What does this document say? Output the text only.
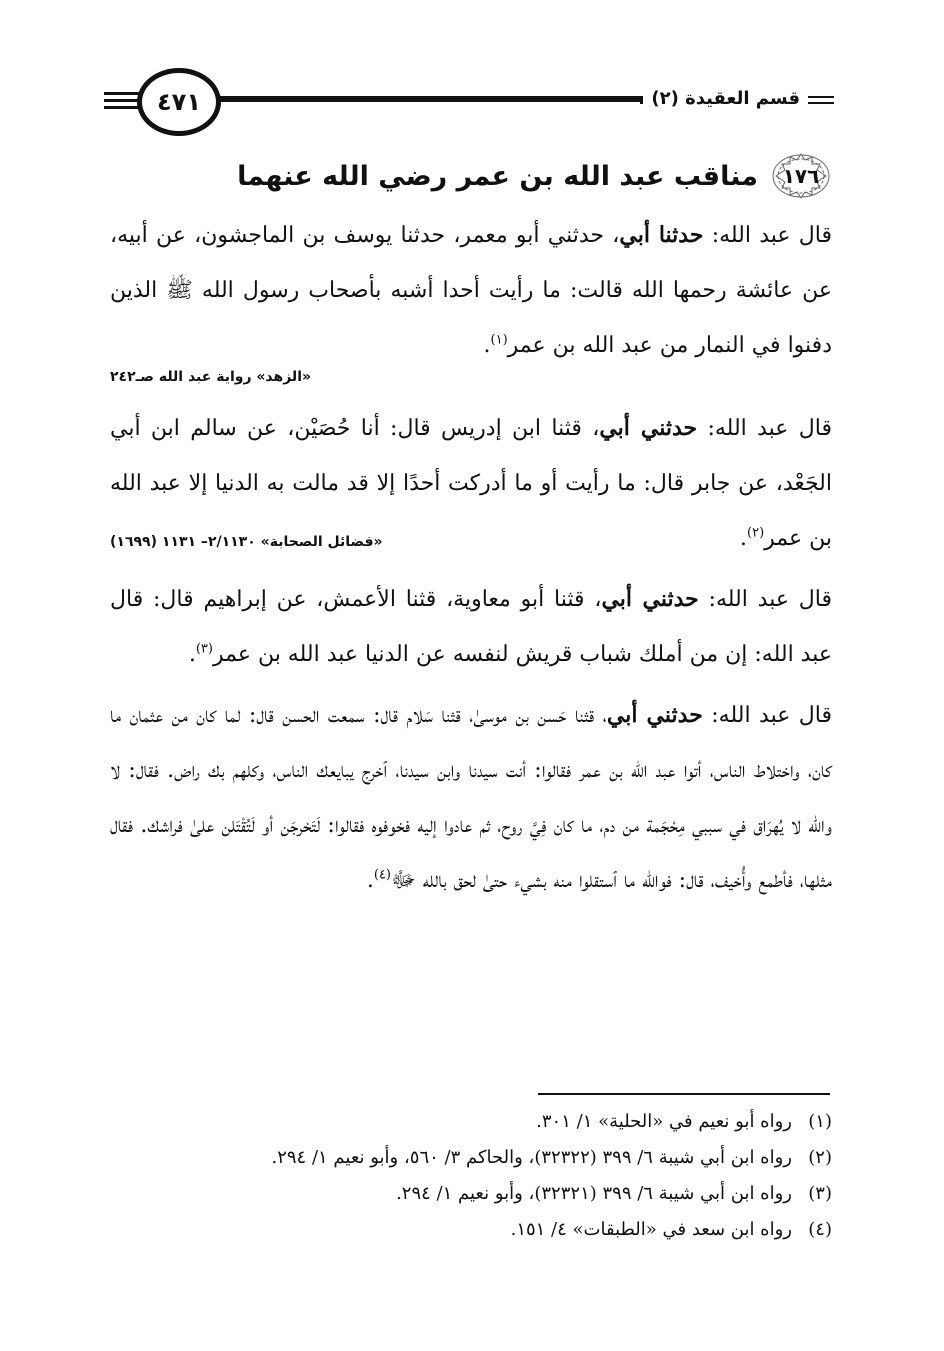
قسم العقيدة (٢)
٤٧١
١٧٦
مناقب عبد الله بن عمر رضي الله عنهما

قال عبد الله: حدثنا أبي، حدثني أبو معمر، حدثنا يوسف بن الماجشون، عن أبيه، عن عائشة رحمها الله قالت: ما رأيت أحدا أشبه بأصحاب رسول الله ﷺ الذين دفنوا في النمار من عبد الله بن عمر$^{(١)}$.

«الزهد» رواية عبد الله صـ٢٤٢

قال عبد الله: حدثني أبي، قثنا ابن إدريس قال: أنا حُصَيْن، عن سالم ابن أبي الجَعْد، عن جابر قال: ما رأيت أو ما أدركت أحدًا إلا قد مالت به الدنيا إلا عبد الله بن عمر$^{(٢)}$.
«فضائل الصحابة» ٢/١١٣٠– ١١٣١ (١٦٩٩)

قال عبد الله: حدثني أبي، قثنا أبو معاوية، قثنا الأعمش، عن إبراهيم قال: قال عبد الله: إن من أملك شباب قريش لنفسه عن الدنيا عبد الله بن عمر$^{(٣)}$.

قال عبد الله: حدثني أبي، قثنا حَسن بن موسىٰ، قثنا سَلام قال: سمعت الحسن قال: لما كان من عثمان ما كان، واختلاط الناس، أتوا عبد الله بن عمر فقالوا: أنت سيدنا وابن سيدنا، ٱخرج يبايعك الناس، وكلهم بك راض. فقال: لا والله لا يُهرَاق في سببي مِحْجَمة من دم، ما كان فِيَّ روح، ثم عادوا إليه فخوفوه فقالوا: لَتَخرجَن أو لَتُقْتَلن علىٰ فراشك. فقال مثلها، فأطمع وأُخيف، قال: فوالله ما ٱستقلوا منه بشيء حتىٰ لحق بالله ﷻ$^{(٤)}$.

(١)رواه أبو نعيم في «الحلية» ١/ ٣٠١.
(٢)رواه ابن أبي شيبة ٦/ ٣٩٩ (٣٢٣٢٢)، والحاكم ٣/ ٥٦٠، وأبو نعيم ١/ ٢٩٤.
(٣)رواه ابن أبي شيبة ٦/ ٣٩٩ (٣٢٣٢١)، وأبو نعيم ١/ ٢٩٤.
(٤)رواه ابن سعد في «الطبقات» ٤/ ١٥١.
